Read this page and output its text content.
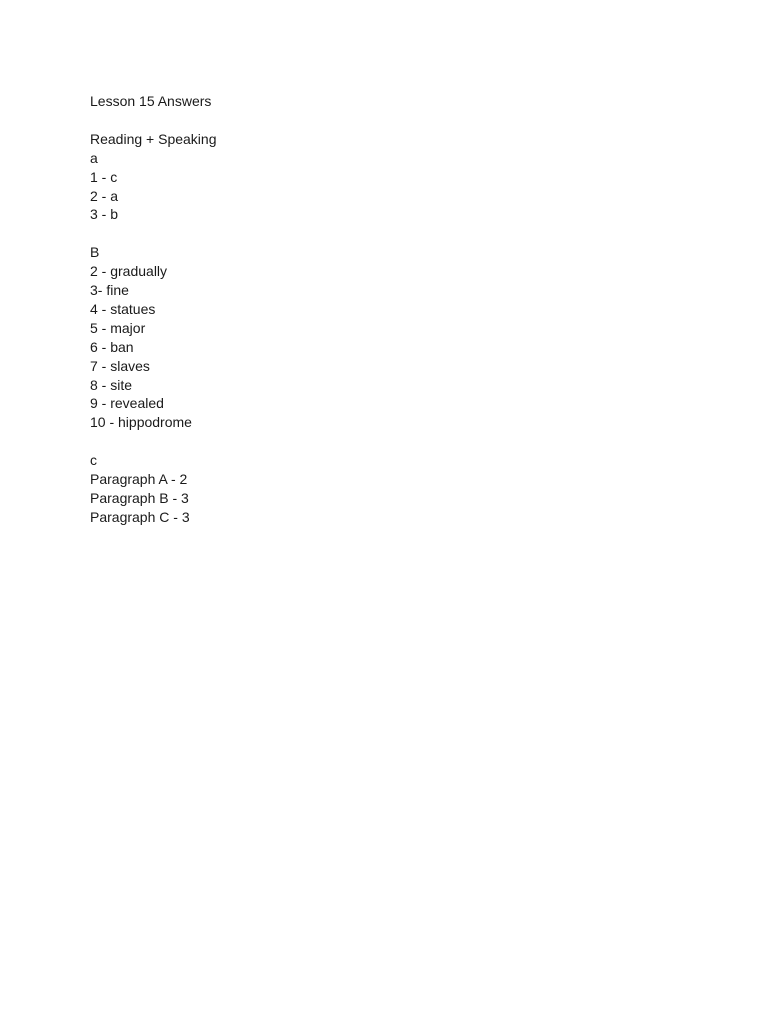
Lesson 15 Answers
Reading + Speaking
a
1 - c
2 - a
3 - b
B
2 - gradually
3- fine
4 - statues
5 - major
6 - ban
7 - slaves
8 - site
9 - revealed
10 - hippodrome
c
Paragraph A - 2
Paragraph B - 3
Paragraph C - 3
